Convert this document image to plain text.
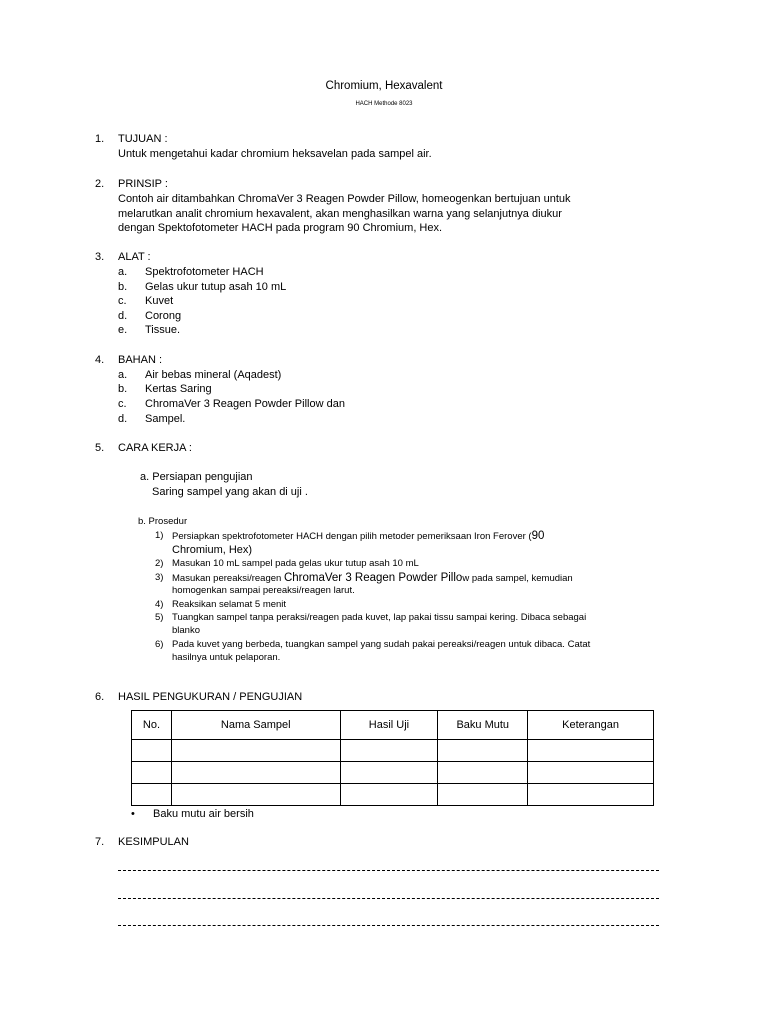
Chromium, Hexavalent
HACH Methode 8023
1. TUJUAN :
Untuk mengetahui kadar chromium heksavelan pada sampel air.
2. PRINSIP :
Contoh air ditambahkan ChromaVer 3 Reagen Powder Pillow, homeogenkan bertujuan untuk
melarutkan analit chromium hexavalent, akan menghasilkan warna yang selanjutnya diukur
dengan Spektofotometer HACH pada program 90 Chromium, Hex.
3. ALAT :
a. Spektrofotometer HACH
b. Gelas ukur tutup asah 10 mL
c. Kuvet
d. Corong
e. Tissue.
4. BAHAN :
a. Air bebas mineral (Aqadest)
b. Kertas Saring
c. ChromaVer 3 Reagen Powder Pillow dan
d. Sampel.
5. CARA KERJA :
a. Persiapan pengujian
Saring sampel yang akan di uji .
b. Prosedur
1) Persiapkan spektrofotometer HACH dengan pilih metoder pemeriksaan Iron Ferover (90
Chromium, Hex)
2) Masukan 10 mL sampel pada gelas ukur tutup asah 10 mL
3) Masukan pereaksi/reagen ChromaVer 3 Reagen Powder Pillow pada sampel, kemudian
homogenkan sampai pereaksi/reagen larut.
4) Reaksikan selamat 5 menit
5) Tuangkan sampel tanpa peraksi/reagen pada kuvet, lap pakai tissu sampai kering. Dibaca sebagai
blanko
6) Pada kuvet yang berbeda, tuangkan sampel yang sudah pakai pereaksi/reagen untuk dibaca. Catat
hasilnya untuk pelaporan.
6. HASIL PENGUKURAN / PENGUJIAN
No.	Nama Sampel	Hasil Uji	Baku Mutu	Keterangan

• Baku mutu air bersih
7. KESIMPULAN
